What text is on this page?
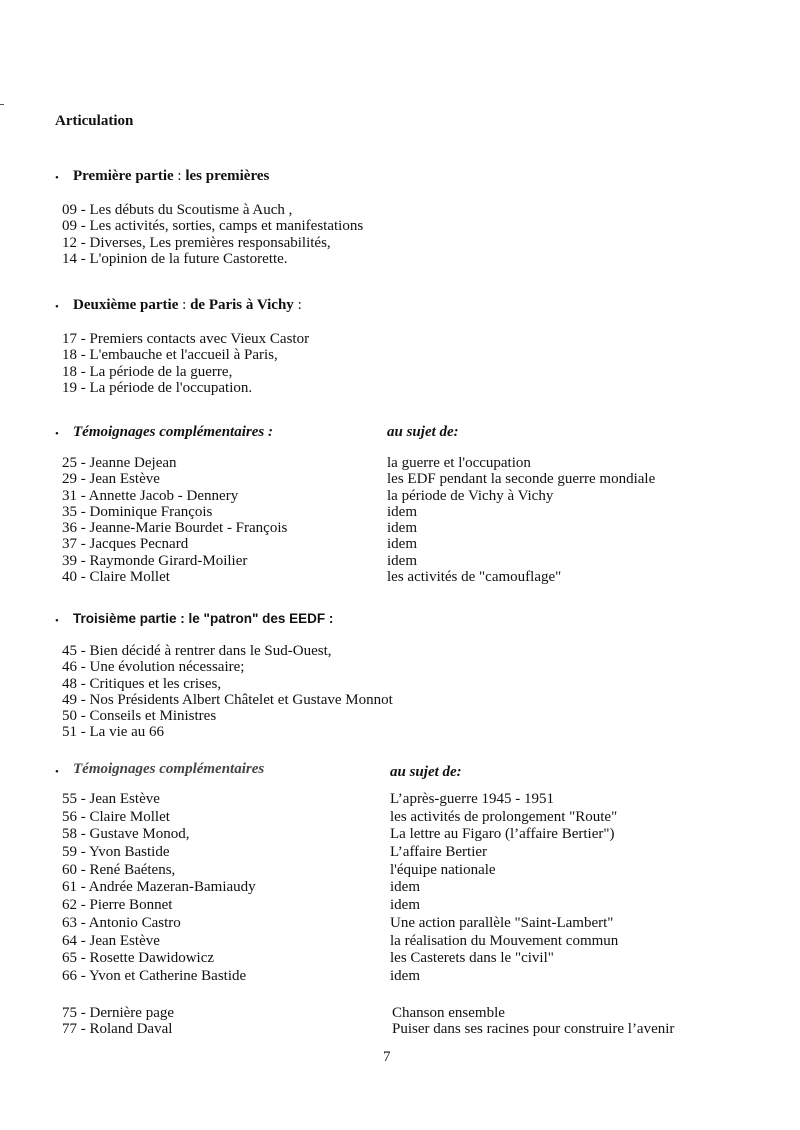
Articulation
• Première partie : les premières
09 - Les débuts du Scoutisme à Auch ,
09 - Les activités, sorties, camps et manifestations
12 - Diverses, Les premières responsabilités,
14 - L'opinion de la future Castorette.
• Deuxième partie : de Paris à Vichy :
17 - Premiers contacts avec Vieux Castor
18 - L'embauche et l'accueil à Paris,
18 - La période de la guerre,
19 - La période de l'occupation.
• Témoignages complémentaires :	au sujet de:
25 - Jeanne Dejean
29 - Jean Estève
31 - Annette Jacob - Dennery
35 - Dominique François
36 - Jeanne-Marie Bourdet - François
37 - Jacques Pecnard
39 - Raymonde Girard-Moilier
40 - Claire Mollet
la guerre et l'occupation
les EDF pendant la seconde guerre mondiale
la période de Vichy à Vichy
idem
idem
idem
idem
les activités de "camouflage"
• Troisième partie : le "patron" des EEDF :
45 - Bien décidé à rentrer dans le Sud-Ouest,
46 - Une évolution nécessaire;
48 - Critiques et les crises,
49 - Nos Présidents Albert Châtelet et Gustave Monnot
50 - Conseils et Ministres
51 - La vie au 66
• Témoignages complémentaires	au sujet de:
55 - Jean Estève
56 - Claire Mollet
58 - Gustave Monod,
59 - Yvon Bastide
60 - René Baétens,
61 - Andrée Mazeran-Bamiaudy
62 - Pierre Bonnet
63 - Antonio Castro
64 - Jean Estève
65 - Rosette Dawidowicz
66 - Yvon et Catherine Bastide
L’après-guerre 1945 - 1951
les activités de prolongement "Route"
La lettre au Figaro (l’affaire Bertier")
L’affaire Bertier
l'équipe nationale
idem
idem
Une action parallèle "Saint-Lambert"
la réalisation du Mouvement commun
les Casterets dans le "civil"
idem
75 - Dernière page
77 - Roland Daval
Chanson ensemble
Puiser dans ses racines pour construire l’avenir
7
